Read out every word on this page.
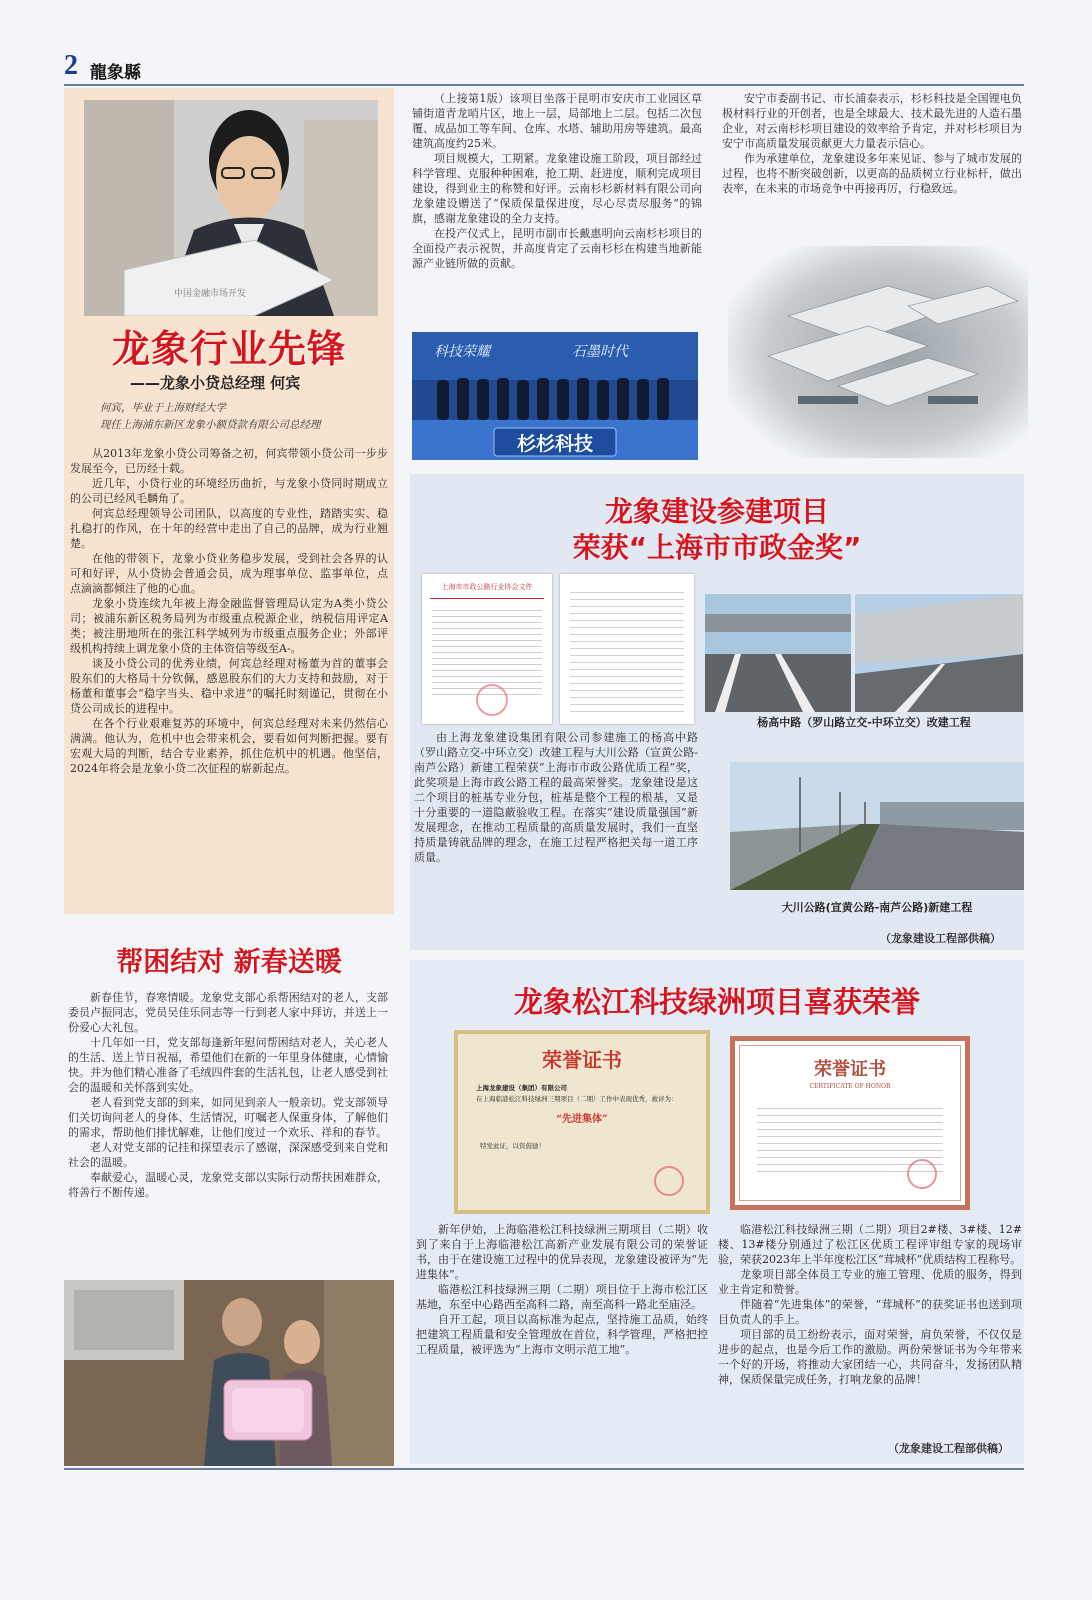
2 龍象縣
中国金融市场开发
龙象行业先锋
——龙象小贷总经理 何宾
何宾，毕业于上海财经大学
现任上海浦东新区龙象小额贷款有限公司总经理

从2013年龙象小贷公司筹备之初，何宾带领小贷公司一步步发展至今，已历经十载。

近几年，小贷行业的环境经历曲折，与龙象小贷同时期成立的公司已经风毛麟角了。

何宾总经理领导公司团队，以高度的专业性，踏踏实实、稳扎稳打的作风，在十年的经营中走出了自己的品牌，成为行业翘楚。

在他的带领下，龙象小贷业务稳步发展，受到社会各界的认可和好评，从小贷协会普通会员，成为理事单位、监事单位，点点滴滴都倾注了他的心血。

龙象小贷连续九年被上海金融监督管理局认定为A类小贷公司；被浦东新区税务局列为市级重点税源企业，纳税信用评定A类；被注册地所在的张江科学城列为市级重点服务企业；外部评级机构持续上调龙象小贷的主体资信等级至A-。

谈及小贷公司的优秀业绩，何宾总经理对杨董为首的董事会股东们的大格局十分钦佩，感恩股东们的大力支持和鼓励，对于杨董和董事会“稳字当头、稳中求进”的嘱托时刻谨记，贯彻在小贷公司成长的进程中。

在各个行业艰难复苏的环境中，何宾总经理对未来仍然信心满满。他认为，危机中也会带来机会，要看如何判断把握。要有宏观大局的判断，结合专业素养，抓住危机中的机遇。他坚信，2024年将会是龙象小贷二次征程的崭新起点。

（上接第1版）该项目坐落于昆明市安庆市工业园区草铺街道青龙哨片区，地上一层，局部地上二层。包括二次包覆、成品加工等车间、仓库、水塔、辅助用房等建筑。最高建筑高度约25米。

项目规模大，工期紧。龙象建设施工阶段，项目部经过科学管理、克服种种困难，抢工期、赶进度，顺利完成项目建设，得到业主的称赞和好评。云南杉杉新材料有限公司向龙象建设赠送了“保质保量保进度，尽心尽责尽服务”的锦旗，感谢龙象建设的全力支持。

在投产仪式上，昆明市副市长戴惠明向云南杉杉项目的全面投产表示祝贺，并高度肯定了云南杉杉在构建当地新能源产业链所做的贡献。

科技荣耀	石墨时代
杉杉科技

安宁市委副书记、市长浦泰表示，杉杉科技是全国锂电负极材料行业的开创者，也是全球最大、技术最先进的人造石墨企业，对云南杉杉项目建设的效率给予肯定，并对杉杉项目为安宁市高质量发展贡献更大力量表示信心。

作为承建单位，龙象建设多年来见证、参与了城市发展的过程，也将不断突破创新，以更高的品质树立行业标杆，做出表率，在未来的市场竞争中再接再厉，行稳致远。

龙象建设参建项目
荣获“上海市市政金奖”
上海市市政公路行业协会文件
杨高中路（罗山路立交-中环立交）改建工程
大川公路(宣黄公路-南芦公路)新建工程

由上海龙象建设集团有限公司参建施工的杨高中路（罗山路立交-中环立交）改建工程与大川公路（宣黄公路-南芦公路）新建工程荣获“上海市市政公路优质工程”奖，此奖项是上海市政公路工程的最高荣誉奖。龙象建设是这二个项目的桩基专业分包，桩基是整个工程的根基，又是十分重要的一道隐蔽验收工程。在落实“建设质量强国”新发展理念，在推动工程质量的高质量发展时，我们一直坚持质量铸就品牌的理念，在施工过程严格把关每一道工序质量。

（龙象建设工程部供稿）
帮困结对 新春送暖

新春佳节，春寒情暖。龙象党支部心系帮困结对的老人，支部委员卢振同志，党员吴佳乐同志等一行到老人家中拜访，并送上一份爱心大礼包。

十几年如一日，党支部每逢新年慰问帮困结对老人，关心老人的生活、送上节日祝福，希望他们在新的一年里身体健康，心情愉快。并为他们精心准备了毛绒四件套的生活礼包，让老人感受到社会的温暖和关怀落到实处。

老人看到党支部的到来，如同见到亲人一般亲切。党支部领导们关切询问老人的身体、生活情况，叮嘱老人保重身体，了解他们的需求，帮助他们排忧解难，让他们度过一个欢乐、祥和的春节。

老人对党支部的记挂和探望表示了感谢，深深感受到来自党和社会的温暖。

奉献爱心，温暖心灵，龙象党支部以实际行动帮扶困难群众，将善行不断传递。

龙象松江科技绿洲项目喜获荣誉
荣誉证书
上海龙象建设（集团）有限公司
在上海临港松江科技绿洲三期项目（二期）工作中表现优秀，被评为：
“先进集体”
特发此证，以资鼓励！
荣誉证书
CERTIFICATE OF HONOR

新年伊始，上海临港松江科技绿洲三期项目（二期）收到了来自于上海临港松江高新产业发展有限公司的荣誉证书，由于在建设施工过程中的优异表现，龙象建设被评为“先进集体”。

临港松江科技绿洲三期（二期）项目位于上海市松江区基地，东至中心路西至高科二路，南至高科一路北至庙泾。

自开工起，项目以高标准为起点，坚持施工品质，始终把建筑工程质量和安全管理放在首位，科学管理，严格把控工程质量，被评选为“上海市文明示范工地”。

临港松江科技绿洲三期（二期）项目2#楼、3#楼、12#楼、13#楼分别通过了松江区优质工程评审组专家的现场审验，荣获2023年上半年度松江区“茸城杯”优质结构工程称号。

龙象项目部全体员工专业的施工管理、优质的服务，得到业主肯定和赞誉。

伴随着“先进集体”的荣誉，“茸城杯”的获奖证书也送到项目负责人的手上。

项目部的员工纷纷表示，面对荣誉，肩负荣誉，不仅仅是进步的起点，也是今后工作的激励。两份荣誉证书为今年带来一个好的开场，将推动大家团结一心，共同奋斗，发扬团队精神，保质保量完成任务，打响龙象的品牌！

（龙象建设工程部供稿）
